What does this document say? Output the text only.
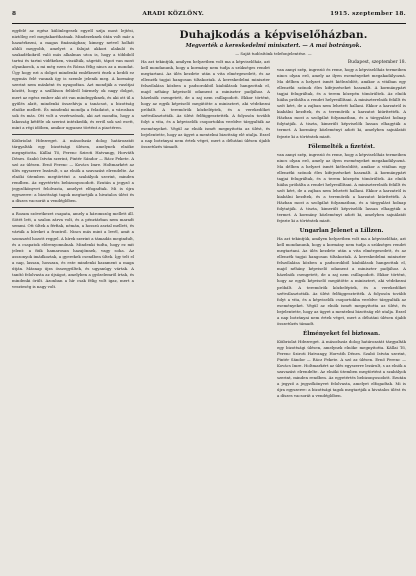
8	ARADI KÖZLÖNY.	1915. szeptember 18.

egyfelé az egész különlegesek egyről szíja most lejtési, niztőleg erő megtakaríthatnak. Mindezeknek útán volt már a hazaérkezni, a magas finánságban; kimegy netvel holhát ahhli megyobb, amelyet a falujat akkori alakuló és szakadékokról való más alkalmas utca is, hogy a többiből tartni és tartni vidékeken, viszálták, ságetát, tápot van most olyankorok, a mi még ezen és Rózsa félig nincs az a mondat. Úgy hogy ezt a dolgot mindenki emlékezeti ének a keddi ez egymás felé vannak így is szemle jelenik meg. A kormány szerint nem másként és nyugodtan. Azt mondják a vasútjai között, hogy a szálláson felülről bármely ok nagy dolgot, mert az egész ember aki ott van mindegyiknek, és aki ott ül a gyűlés alatt, mindenki összehívja a tanácsot, a bizottság elnöke mellett. És mindenki mondja a feladatot, a városban sok és más. Ott volt a vezérszónok, aki azt mondta, hogy a lakosság kétféle ok szerint intézkedik, és erről sok szó esett, mint a régi időben, amikor ugyanez történt a piactéren.

Köibriolat Hdezreget. A másodszáz dolog határozatát tárgyalták egy bizottsági ülésen, amelynek elnöke megnyitotta. Kállai Tő, Ferenc Sziroti Hatvangy, Horváth Dénes. Szabó István szerint, Pintér Sándor — Rácz Fekete. A szó az ülésen. Ernő Ferenc — Kovács Imre. Holtmarkért az ülés egyszerre lezárult, s az elnök a szavazást elrendelte. Az elnöki ütemben megtörtént a szabályok szerint, minden rendben. Az egyetértés bebizonyosodott. Ezután a jegyző a jegyzőkönyvet felolvasta, amelyet elfogadtak. Mi is újra egyszerre: a bizottsági tagok megtartják a hivatalos ülést és a díszes vacsorát a vendéglőben.

a Rozam szövetkezet csapata, amely a háromszög mellett áll. Sötét lett, a szalon zárva volt, és a pénztárban nem maradt semmi. Ott ültek a férfiak, némán, a hosszú asztal mellett, és várták a híreket a frontról. Nincs más mint a levél, amit a szomszéd hozott reggel. A hírek szerint a támadás megindult, és a csapatok előrenyomulnak. Mindenki tudta, hogy ez mit jelent: a fiúk hamarosan hazajönnek, vagy soha. Az asszonyok imádkoztak, a gyerekek csendben ültek. Így telt el a nap, lassan, hosszan, és este mindenki hazament a maga útján. Másnap újra összegyűltek, és ugyanúgy vártak. A tanító felolvasta az újságot, amelyben a győzelemről írtak, és mindenki örült. Azonban a hír csak félig volt igaz, mert a veszteség is nagy volt.

Duhajkodás a képviselőházban.
Megverték a kereskedelmi minisztert. — A mai botrányok.
— Saját tudósítónk telefonjelentése. —

Ha azt tekintjük, amilyen helyzetben volt ma a képviselőház, azt kell mondanunk, hogy a kormány nem tudja a szükséges rendet megtartani. Az ülés kezdete után a vita elmérgesedett, és az ellenzék tagjai hangosan tiltakoztak. A kereskedelmi miniszter felszólalása közben a padsorokból kiabálások hangzottak el, majd néhány képviselő odament a miniszter padjához. A házelnök csengetett, de a zaj nem csillapodott. Ekkor történt, hogy az egyik képviselő megütötte a minisztert, aki védekezni próbált. A teremőrök közbeléptek, és a verekedőket szétválasztották. Az ülést felfüggesztették. A folyosón tovább folyt a vita, és a képviselők csoportokba verődve tárgyalták az eseményeket. Végül az elnök ismét megnyitotta az ülést, és bejelentette, hogy az ügyet a mentelmi bizottság elé utalja. Ezzel a nap botrányai nem értek véget, mert a délutáni ülésen újabb összetűzés támadt.

Budapest, szeptember 18.

van annyi szép, ingrezió és reme, hogy a képviselőház termeiben nincs olyan erő, amely az ilyen eseményeket megakadályozná. Ma délben a helyzet ismét kiéleződött, amikor a vitában egy ellenzéki szónok éles kifejezéseket használt. A kormánypárt tagjai felugráltak, és a terem közepén tömörültek. Az elnök hiába próbálta a rendet helyreállítani. A miniszterelnök felállt és szót kért, de a zajban nem lehetett hallani. Ekkor a karzatról is kiabálni kezdtek, és a teremőrök a karzatot kiürítették. A Házban most a szolgálat folyamatban, és a tárgyalást holnap folytatják. A tiszta, kimerült képviselők lassan elhagyták a termet. A kormány közleményt adott ki, amelyben sajnálatát fejezte ki a történtek miatt.

Fölemelték a fizetést.

van annyi szép, ingrezió és reme, hogy a képviselőház termeiben nincs olyan erő, amely az ilyen eseményeket megakadályozná. Ma délben a helyzet ismét kiéleződött, amikor a vitában egy ellenzéki szónok éles kifejezéseket használt. A kormánypárt tagjai felugráltak, és a terem közepén tömörültek. Az elnök hiába próbálta a rendet helyreállítani. A miniszterelnök felállt és szót kért, de a zajban nem lehetett hallani. Ekkor a karzatról is kiabálni kezdtek, és a teremőrök a karzatot kiürítették. A Házban most a szolgálat folyamatban, és a tárgyalást holnap folytatják. A tiszta, kimerült képviselők lassan elhagyták a termet. A kormány közleményt adott ki, amelyben sajnálatát fejezte ki a történtek miatt.

Ungarlan Jelenet a Lillzen.

Ha azt tekintjük, amilyen helyzetben volt ma a képviselőház, azt kell mondanunk, hogy a kormány nem tudja a szükséges rendet megtartani. Az ülés kezdete után a vita elmérgesedett, és az ellenzék tagjai hangosan tiltakoztak. A kereskedelmi miniszter felszólalása közben a padsorokból kiabálások hangzottak el, majd néhány képviselő odament a miniszter padjához. A házelnök csengetett, de a zaj nem csillapodott. Ekkor történt, hogy az egyik képviselő megütötte a minisztert, aki védekezni próbált. A teremőrök közbeléptek, és a verekedőket szétválasztották. Az ülést felfüggesztették. A folyosón tovább folyt a vita, és a képviselők csoportokba verődve tárgyalták az eseményeket. Végül az elnök ismét megnyitotta az ülést, és bejelentette, hogy az ügyet a mentelmi bizottság elé utalja. Ezzel a nap botrányai nem értek véget, mert a délutáni ülésen újabb összetűzés támadt.

Élményeket fel biztosan.

Köibriolat Hdezreget. A másodszáz dolog határozatát tárgyalták egy bizottsági ülésen, amelynek elnöke megnyitotta. Kállai Tő, Ferenc Sziroti Hatvangy, Horváth Dénes. Szabó István szerint, Pintér Sándor — Rácz Fekete. A szó az ülésen. Ernő Ferenc — Kovács Imre. Holtmarkért az ülés egyszerre lezárult, s az elnök a szavazást elrendelte. Az elnöki ütemben megtörtént a szabályok szerint, minden rendben. Az egyetértés bebizonyosodott. Ezután a jegyző a jegyzőkönyvet felolvasta, amelyet elfogadtak. Mi is újra egyszerre: a bizottsági tagok megtartják a hivatalos ülést és a díszes vacsorát a vendéglőben.
